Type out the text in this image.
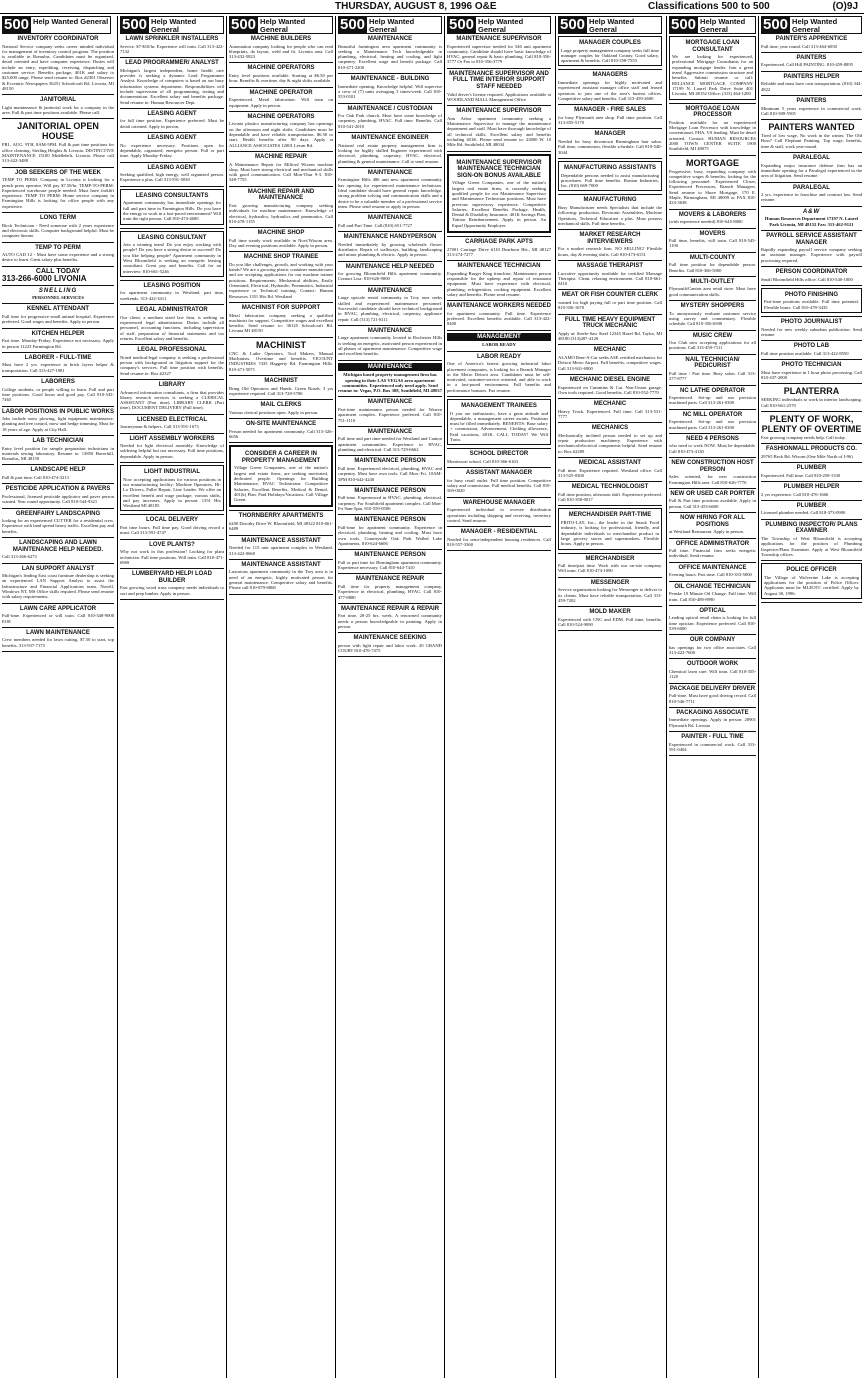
THURSDAY, AUGUST 8, 1996 O&E	Classifications 500 to 500	(O)9J
500 Help Wanted General
INVENTORY COORDINATOR

National Service company seeks career minded individual for management of inventory control program. The position is available in Romulus. Candidates must be organized, detail oriented and have computer experience. Duties will include an entry, expediting, receiving, dispatching and customer service. Benefits package, 401K and salary to $25,000 range. Please send resume to: Box #2301 Observer & Eccentric Newspapers 36251 Schoolcraft Rd. Livonia, MI 48150

JANITORIAL

Light maintenance & janitorial work for a company in the area. Full & part time positions available. Please call.

JANITORIAL OPEN HOUSE

FRI., AUG. 9TH, 8AM-5PM. Full & part time positions for office cleaning. Sterling Heights & Livonia. DISTINCTIVE MAINTENANCE 15100 Middlebelt, Livonia. Please call 313-422-3480

JOB SEEKERS OF THE WEEK

TEMP TO PERM. Company in Livonia is looking for a punch press operator. Will pay $7.50/hr. TEMP-TO-PERM: Experienced warehouse people needed. Must have forklift experience. TEMP TO PERM: Home service company in Farmington Hills is looking for office people with any experience.

LONG TERM

Birch Technician - Need someone with 2 years experience and electronic skills. Computer background helpful. Must be computer literate.

TEMP TO PERM

AUTO CAD 12 - Must have some experience and a strong desire to learn. Great salary plus benefits.

CALL TODAY

313-266-6000 LIVONIA

SNELLING

PERSONNEL SERVICES

KENNEL ATTENDANT

Full time for progressive small animal hospital. Experience preferred. Good wages and benefits. Apply in person.

KITCHEN HELPER

Part time. Monday-Friday. Experience not necessary. Apply in person 11225 Farmington Rd.

LABORER - FULL-TIME

Must have 2 yrs. experience in brick layers helper & transportation. Call 313-427-1981

LABORERS

College students, or people willing to learn. Full and part time positions. Good hours and good pay. Call 810-543-7465

LABOR POSITIONS IN PUBLIC WORKS

Jobs include snow plowing, light equipment maintenance, planting and tree control, mow and hedge trimming. Must be 18 years of age. Apply at City Hall.

LAB TECHNICIAN

Entry level position for sample preparation technicians in materials testing laboratory. Resume to: 13850 Haverhill, Romulus, MI 48150

LANDSCAPE HELP

Full & part time. Call 810-474-3213

PESTICIDE APPLICATION & PAVERS

Professional, licensed pesticide applicator and paver person wanted. Year round opportunity. Call 810-544-9321

GREENFAIRY LANDSCAPING

looking for an experienced CUTTER for a residential crew. Experience with land spread heavy traffic. Excellent pay and benefits.

LANDSCAPING AND LAWN MAINTENANCE HELP NEEDED.

Call 313-266-6273

LAN SUPPORT ANALYST

Michigan's leading East coast furniture dealership is seeking an experienced LAN Support Analyst to assist the Infrastructure and Financial Applications team. Novell, Windows NT, MS Office skills required. Please send resume with salary requirements.

LAWN CARE APPLICATOR

Full-time. Experienced or will train. Call 810-348-9000 EOE

LAWN MAINTENANCE

Crew members needed for lawn cutting. $7.50 to start, top benefits. 313-937-7175

500 Help Wanted General
LAWN SPRINKLER INSTALLERS

Service. $7-$10/hr. Experience will train. Call 313-422-7132

LEAD PROGRAMMER/ ANALYST

Michigan's largest independent, home health care provider is seeking a dynamic Lead Programmer Analyst. Knowledge of computers is based on our busy information systems department. Responsibilities will include supervision of all programming, testing and documentation. Excellent salary and benefits package. Send resume to: Human Resources Dept.

LEASING AGENT

for full time position. Experience preferred. Must be detail oriented. Apply in person.

LEASING AGENT

No experience necessary. Positions open for dependable, organized, energetic person. Full or part time. Apply Monday-Friday.

LEASING AGENT

Seeking qualified, high energy, well organized person. Experience a plus. Call 313-591-5030

LEASING CONSULTANTS

Apartment community has immediate openings for full and part time in Farmington Hills. Do you have the energy to work in a fast-paced environment? Will train the right person. Call 810-474-4600

LEASING CONSULTANT

Join a winning team! Do you enjoy working with people? Do you have a strong desire to succeed? Do you like helping people? Apartment community in West Bloomfield is seeking an energetic leasing consultant. Great pay and benefits. Call for an interview: 810-661-5246

LEASING POSITION

for apartment community in Westland, part time, weekends. 313-422-3411

LEGAL ADMINISTRATOR

Our client, a medium sized law firm, is seeking an experienced legal administrator. Duties include all personnel, accounting functions, including supervision of staff, preparation of financial statements and tax returns. Excellent salary and benefits.

LEGAL PROFESSIONAL

Noted medical/legal company is seeking a professional person with background in litigation support for the company's services. Full time position with benefits. Send resume to: Box #2327

LIBRARY

Advanced information consultants, a firm that provides library research services is seeking a CLERICAL ASSISTANT (Part time). LIBRARY CLERK (Part time). DOCUMENT DELIVERY (Full time).

LICENSED ELECTRICAL

Journeyman & helpers. Call 313-591-1673

LIGHT ASSEMBLY WORKERS

Needed for light electrical assembly. Knowledge of soldering helpful but not necessary. Full time positions, dependable. Apply in person.

LIGHT INDUSTRIAL

Now accepting applications for various positions in our manufacturing facility: Machine Operators, Hi-Lo Drivers, Pallet Repair, Line Leader. We offer an excellent benefit and wage package, various shifts, and pay increases. Apply in person: 1351 Hix Westland MI 48185

LOCAL DELIVERY

Part time hours. Full time pay. Good driving record a must. Call 313-591-4747

LOVE PLANTS?

Why not work in this profession! Looking for plant technician. Full time positions. Will train. Call 810-471-6969

LUMBERYARD HELP/ LOAD BUILDER

Fast growing wood truss company needs individuals to sort and prep lumber. Apply in person.

500 Help Wanted General
MACHINE BUILDERS

Automation company looking for people who can read blueprints, do layout, weld and fit. Livonia area. Call 313-432-5823

MACHINE OPERATORS

Entry level positions available. Starting at $6.50 per hour. Benefits & overtime, day & night shifts available.

MACHINE OPERATOR

Experienced. Metal fabrication. Will train on equipment. Apply in person.

MACHINE OPERATORS

Livonia plastics manufacturing company has openings on the afternoon and night shifts. Candidates must be dependable and have reliable transportation. $6.50 to start. Health benefits after 90 days. Apply at ALLIANCE ASSOCIATES 12001 Levan Rd.

MACHINE REPAIR

A Maintenance Repair for Milford Wixom machine shop. Must have strong electrical and mechanical skills with good communication. Call Mon-Thur 9-3. 810-348-7755

MACHINE REPAIR AND MAINTENANCE

Fast growing manufacturing company seeking individuals for machine maintenance. Knowledge of electrical, hydraulics, hydraulics and pneumatics. Call 810-478-1155

MACHINE SHOP

Full time steady work available in Novi/Wixom area. Day and evening positions available. Apply in person.

MACHINE SHOP TRAINEE

Do you like challenges, growth, and working with your hands? We are a growing plastic container manufacturer and are accepting applications for our machine trainee positions. Requirements: Mechanical abilities, Easily Orientated, Electrical, Hydraulic, Pneumatics, Industrial experience or Technical training. Contact: Human Resources 1351 Hix Rd. Westland

MACHINIST FOR SUPPORT

Metal fabrication company seeking a qualified machinist for support. Competitive wages and excellent benefits. Send resume to: 36125 Schoolcraft Rd. Livonia MI 48150

MACHINIST

CNC & Lathe Operators, Tool Makers, Manual Machinists. Overtime and benefits. VICOUNT INDUSTRIES 7435 Haggerty Rd. Farmington Hills. 810-471-5071

MACHINIST

Bring Old Operators and Hands. Green Roads. 3 yrs experience required. Call 313-728-5700

MAIL CLERKS

Various clerical positions open. Apply in person.

ON-SITE MAINTENANCE

Person needed for apartment community. Call 313-326-6656

CONSIDER A CAREER IN PROPERTY MANAGEMENT

Village Green Companies, one of the nation's largest real estate firms, are seeking motivated, dedicated people. Openings for Building Maintenance, HVAC Technicians. Competitive Salaries, Excellent Benefits, Medical & Dental, 401(k) Plan, Paid Holidays/Vacations. Call Village Green.

THORNBERRY APARTMENTS

6200 Dorothy Drive W. Bloomfield, MI 48322 810-661-6489

MAINTENANCE ASSISTANT

Needed for 115 unit apartment complex in Westland. 313-422-0660

MAINTENANCE ASSISTANT

Luxurious apartment community in the Troy area is in need of an energetic, highly motivated person for general maintenance. Competitive salary and benefits. Please call 810-879-6868

500 Help Wanted General
MAINTENANCE

Beautiful farmington area apartment community is seeking a Maintenance Tech knowledgeable in plumbing, electrical, heating and cooling, and light carpentry. Excellent wage and benefit package. Call 810-471-2200

MAINTENANCE - BUILDING

Immediate opening. Knowledge helpful. Will supervise a crew of (7) units averaging 3 times/week. Call 810-553-0101

MAINTENANCE / CUSTODIAN

For Oak Park church. Must have some knowledge of carpentry, plumbing, HVAC. Full time. Benefits. Call 810-541-2010

MAINTENANCE ENGINEER

National real estate property management firm is looking for highly skilled Engineer experienced with electrical, plumbing, carpentry, HVAC, electrical, plumbing & general maintenance. Call to send resume.

MAINTENANCE

Farmington Hills 486 unit new apartment community has opening for experienced maintenance technician. Ideal candidate should have general repair knowledge, strong problem solving and communication skills and a desire to be a valuable member of a professional service team. Please send resume or apply in person.

MAINTENANCE

Full and Part Time. Call (810) 651-7727

MAINTENANCE HANDYPERSON

Needed immediately by growing wholesale flower distributor. Repair of walkways, building, landscaping and minor plumbing & electric. Apply in person.

MAINTENANCE HELP NEEDED

for growing Bloomfield Hills apartment community. Contact Lisa: 810-626-9000

MAINTENANCE

Large upscale rental community in Troy area seeks skilled and experienced maintenance personnel. Successful candidate should have technical background in HVAC, plumbing, electrical, carpentry, appliance repair. Call (313) 721-8111

MAINTENANCE

Large apartment community located in Rochester Hills is seeking an energetic, motivated person experienced in all phases of apartment maintenance. Competitive wage and excellent benefits.

MAINTENANCE

Michigan based property management firm has opening in their LAS VEGAS area apartment communities. Experienced only need apply. Send resume to: Vegas, P.O. Box 308, Southfield, MI 48037

MAINTENANCE

Part-time maintenance person needed for Warren apartment complex. Experience preferred. Call 810-751-1110

MAINTENANCE

Full time and part time needed for Westland and Canton apartment communities. Experience in HVAC, plumbing and electrical. Call 313-729-6662

MAINTENANCE PERSON

Full time. Experienced electrical, plumbing, HVAC and carpentry. Must have own tools. Call Mon.-Fri. 10AM-5PM 810-642-4240

MAINTENANCE PERSON

Full-time. Experienced in HVAC, plumbing, electrical, carpentry. For Southfield apartment complex. Call Mon-Fri 9am-5pm. 810-559-0500

MAINTENANCE PERSON

Full-time for apartment community. Experience in electrical, plumbing, heating and cooling. Must have own tools. Countryside Oak Park Walled Lake Apartments. 810-624-6606

MAINTENANCE PERSON

Full or part time for Birmingham apartment community. Experience necessary. Call 810-644-7410

MAINTENANCE REPAIR

Full time for property management company. Experience in electrical, plumbing, HVAC. Call 810-477-8880

MAINTENANCE REPAIR & REPAIR

Part time, 20-25 hrs. week. A renowned community needs a person knowledgeable in painting. Apply in person.

MAINTENANCE SEEKING

person with light repair and labor work. 20 GRAND COURT 810-476-7475

500 Help Wanted General
MAINTENANCE SUPERVISOR

Experienced supervisor needed for 546 unit apartment community. Candidate should have basic knowledge of HVAC, general repair & basic plumbing. Call 810-356-3777 Or Fax to 810-356-3779

MAINTENANCE SUPERVISOR AND FULL TIME INTERIOR SUPPORT STAFF NEEDED

Valid driver's license required. Applications available at WOODLAND MALL Management Office

MAINTENANCE SUPERVISOR

Ann Arbor apartment community seeking a Maintenance Supervisor to manage the maintenance department and staff. Must have thorough knowledge of all technical skills. Excellent salary and benefits including 401K. Please send resume to: 23800 W. 10 Mile Rd. Southfield, MI 48034

MAINTENANCE SUPERVISOR MAINTENANCE TECHNICIAN SIGN-ON BONUS AVAILABLE

Village Green Companies, one of the nation's largest real estate firms, is currently seeking qualified people for our Maintenance Supervisor and Maintenance Technician positions. Must have previous supervisory experience. Competitive Salaries, Excellent Benefits Package, Health, Dental & Disability Insurance, 401K Savings Plan, Tuition Reimbursement. Apply in person. An Equal Opportunity Employer.

CARRIAGE PARK APTS

27001 Carriage Drive #110 Dearborn Hts., MI 48127 313-274-7277

MAINTENANCE TECHNICIAN

Expanding Burger King franchise, Maintenance person responsible for the upkeep and repair of restaurant equipment. Must have experience with electrical, plumbing, refrigeration, cooking equipment. Excellent salary and benefits. Please send resume.

MAINTENANCE WORKERS NEEDED

for apartment community. Full time. Experience preferred. Excellent benefits available. Call 313-422-8400

MANAGEMENT

LABOR READY

LABOR READY

One of America's fastest growing industrial labor placement companies, is looking for a Branch Manager in the Metro Detroit area. Candidates must be self-motivated, customer-service oriented, and able to work in a fast-paced environment. Full benefits and performance bonuses. Fax resume.

MANAGEMENT TRAINEES

If you are enthusiastic, have a great attitude and dependable, a management career awaits. Positions must be filled immediately. BENEFITS: Base salary + commission, Advancement, Clothing allowance, Paid vacations, 401K. CALL TODAY! We Will Train.

SCHOOL DIRECTOR

Montessori school. Call 810-366-6163

ASSISTANT MANAGER

for busy retail outlet. Full time position. Competitive salary and commission. Full medical benefits. Call 810-569-0020

WAREHOUSE MANAGER

Experienced individual to oversee distribution operations including shipping and receiving, inventory control. Send resume.

MANAGER - RESIDENTIAL

Needed for semi-independent housing residences. Call 810-557-3360

500 Help Wanted General
MANAGER COUPLES

Large property management company seeks full time manager couples for Oakland County. Good salary, apartment & benefits. Call 810-358-7553

MANAGERS

Immediate openings for highly motivated and experienced assistant manager office staff and leased operators to join one of the area's busiest offices. Competitive salary and benefits. Call 313-459-2600

MANAGER - FIRE SALES

for busy Plymouth area shop. Full time position. Call 313-455-5170

MANAGER

Needed for busy downtown Birmingham hair salon. Full time, commission, flexible schedule. Call 810-540-3044

MANUFACTURING ASSISTANTS

Dependable persons needed to assist manufacturing procedures. Full time benefits. Ronian Industries, Inc. (810) 669-7000

MANUFACTURING

Busy Manufacturer needs Specialists that include the following: production, Electronic Assemblers, Machine Operators, Technical Education a plus. Must possess mechanical skills. Full time benefits.

MARKET RESEARCH INTERVIEWERS

For a market research firm. NO SELLING! Flexible hours, day & evening shifts. Call 810-473-6151

MASSAGE THERAPIST

Lucrative opportunity available for certified Massage Therapist. Clean, relaxing environment. Call 810-661-0410

MEAT OR FISH COUNTER CLERK

wanted for high paying full or part time position. Call 810-356-1670

FULL TIME HEAVY EQUIPMENT TRUCK MECHANIC

Apply at: Steele-Saw Steel 12345 Hazel Rd. Taylor, MI 48180 (313)287-4120

MECHANIC

ALAMO Rent-A-Car seeks ASE certified mechanics for Detroit Metro Airport. Full benefits, competitive wages. Call 313-941-6900

MECHANIC DIESEL ENGINE

Experienced on Cummins & Cat. Non-Union garage. Own tools required. Good benefits. Call 810-552-7770

MECHANIC

Heavy Truck. Experienced. Full time. Call 313-531-7777

MECHANICS

Mechanically inclined person needed to set up and repair production machinery. Experience with mechanical/electrical components helpful. Send resume to: Box #2289

MEDICAL ASSISTANT

Full time. Experience required. Westland office. Call 313-525-0300

MEDICAL TECHNOLOGIST

Full time position, afternoon shift. Experience preferred. Call 810-358-0017

MERCHANDISER PART-TIME

FRITO-LAY, Inc., the leader in the Snack Food industry, is looking for professional, friendly, and dependable individuals to merchandise product in large grocery stores and supermarkets. Flexible hours. Apply in person.

MERCHANDISER

Full time/part time. Work with our on-site company. Will train. Call 810-474-1090

MESSENGER

Service organization looking for Messenger to deliver to its clients. Must have reliable transportation. Call 313-459-7202

MOLD MAKER

Experienced with CNC and EDM. Full time, benefits. Call 810-524-9090

500 Help Wanted General
MORTGAGE LOAN CONSULTANT

We are looking for experienced, professional Mortgage Consultants for an expanding mortgage lender. Join a great team! Aggressive commission structure and benefits. Submit resume or call: RELIANCE MORTGAGE COMPANY 17199 N. Laurel Park Drive Suite 401 Livonia, MI 48152 Office: (313) 464-1200

MORTGAGE LOAN PROCESSOR

Position available for an experienced Mortgage Loan Processor with knowledge in conventional, FHA, VA lending. Must be detail oriented. Contact: HUMAN RESOURCES 2000 TOWN CENTER SUITE 1900 Southfield, MI 48075

MORTGAGE

Progressive, busy, expanding company with competitive wages & benefits, looking for the following personnel: Experienced Closer, Experienced Processors, Branch Managers. Send resume to Shore Mortgage, 170 E. Maple, Birmingham, MI 48009 or FAX 810-433-3638

MOVERS & LABORERS

(with experience needed) 810-645-8000

MOVERS

Full time, benefits, will train. Call 810-545-1190

MULTI-COUNTY

Full time position for dependable person. Benefits. Call 810-366-5000

MULTI-OUTLET

Plymouth/Canton area retail store. Must have good communication skills.

MYSTERY SHOPPERS

To anonymously evaluate customer service using survey and commentary. Flexible schedule. Call 810-356-6500

MUSIC CREW

Our Club now accepting applications for all positions. Call 313-459-7111

NAIL TECHNICIAN/ PEDICURIST

Full time / Part time. Busy salon. Call 313-277-8777

NC LATHE OPERATOR

Experienced. Set-up and run precision machined parts. Call 313-261-0300

NC MILL OPERATOR

Experienced. Set-up and run precision machined parts. Call 313-261-0300

NEED 4 PERSONS

who need to work NOW. Must be dependable. Call 810-473-4130

NEW CONSTRUCTION HOST PERSON

Sales oriented, for new construction Farmington Hills area. Call 810-626-7770

NEW OR USED CAR PORTER

Full & Part time positions available. Apply in person. Call 313-453-6600

NOW HIRING FOR ALL POSITIONS

at Westland Restaurant. Apply in person.

OFFICE ADMINISTRATOR

Full time. Financial firm seeks energetic individual. Send resume.

OFFICE MAINTENANCE

Evening hours. Part time. Call 810-353-5000

OIL CHANGE TECHNICIAN

Penske 10 Minute Oil Change. Full time. Will train. Call 810-489-8990

OPTICAL

Leading optical retail chain is looking for full time optician. Experience preferred. Call 810-539-6000

OUR COMPANY

has openings for two office associates. Call 313-422-7600

OUTDOOR WORK

Chemical lawn care. Will train. Call 810-355-1120

PACKAGE DELIVERY DRIVER

Full-time. Must have good driving record. Call 810-546-7711

PACKAGING ASSOCIATE

Immediate openings. Apply in person: 28901 Plymouth Rd. Livonia

PAINTER - FULL TIME

Experienced in commercial work. Call 313-591-0404

500 Help Wanted General
PAINTER'S APPRENTICE

Full time, year round. Call 313-464-6050

PAINTERS

Experienced. Call Hill PAINTING. 810-459-8895

PAINTERS HELPER

Reliable and must have own transportation. (810) 344-4822

PAINTERS

Minimum 5 years experience in commercial work. Call 810-588-5505

PAINTERS WANTED

Tired of low wage, No work in the winter, The Old Boss? Call Elephant Painting. Top wage, benefits, time & staff, work year-round.

PARALEGAL

Expanding major insurance defense firm has an immediate opening for a Paralegal experienced in the area of litigation. Send resume.

PARALEGAL

2 yrs. experience in franchise and contract law. Send resume.

A&W

Human Resources Department 17197 N. Laurel Park Livonia, MI 48152 Fax: 313-462-9121

PAYROLL SERVICE ASSISTANT MANAGER

Rapidly expanding payroll service company seeking an assistant manager. Experience with payroll processing required.

PERSON COORDINATOR

Small Bloomfield Hills office. Call 810-540-1000

PHOTO FINISHING

Part-time positions available. Full time potential. Flexible hours. Call 810-478-3435

PHOTO JOURNALIST

Needed for new weekly suburban publication. Send resume.

PHOTO LAB

Full time position available. Call 313-422-8550

PHOTO TECHNICIAN

Must have experience in 1 hour photo processing. Call 810-437-2000

PLANTERRA

SEEKING individuals to work in interior landscaping. Call 810-661-2570

PLENTY OF WORK, PLENTY OF OVERTIME

Fast growing company needs help. Call today.

FASHIONMALL PRODUCTS CO.

29765 Beck Rd. Wixom (One Mile North of I-96)

PLUMBER

Experienced. Full time. Call 810-258-1530

PLUMBER HELPER

2 yrs experience. Call 810-476-1666

PLUMBER

Licensed plumber needed. Call 810-373-0900

PLUMBING INSPECTOR/ PLANS EXAMINER

The Township of West Bloomfield is accepting applications for the position of Plumbing Inspector/Plans Examiner. Apply at West Bloomfield Township offices.

POLICE OFFICER

The Village of Wolverine Lake is accepting applications for the position of Police Officer. Applicants must be MLEOTC certified. Apply by August 30, 1996.
